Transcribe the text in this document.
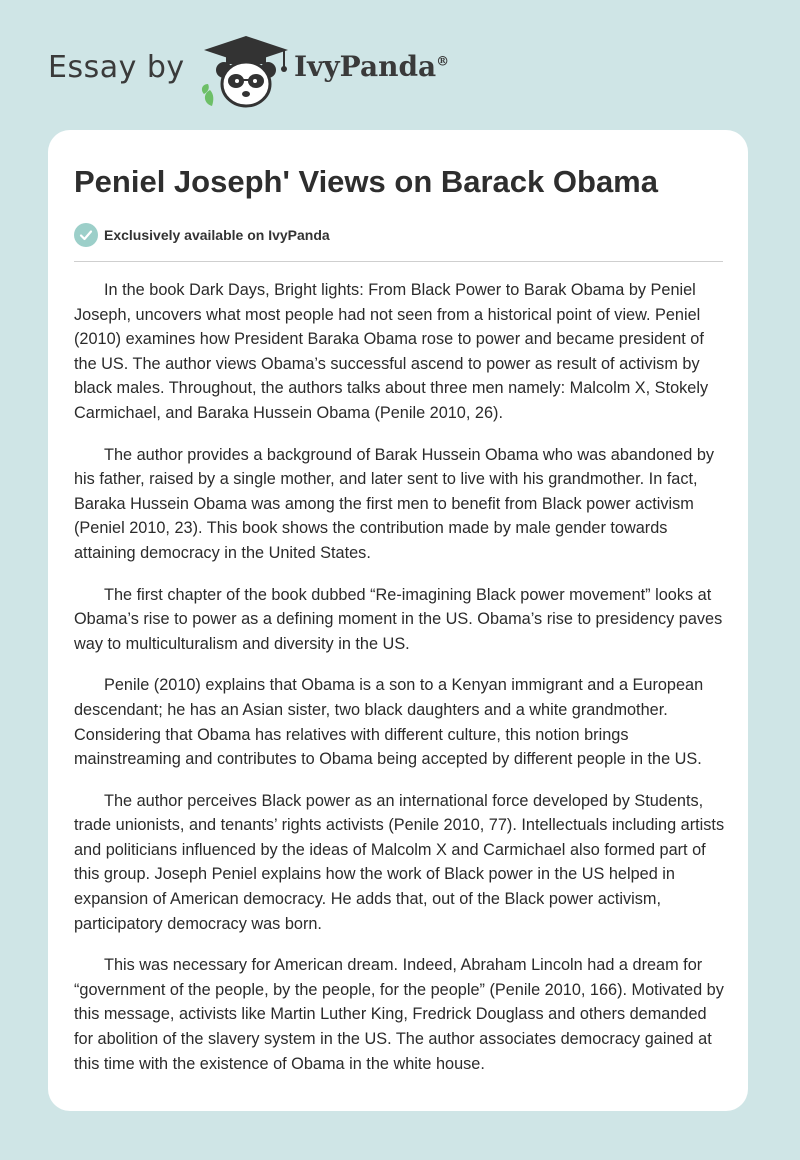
Essay by	IvyPanda®
Peniel Joseph' Views on Barack Obama
Exclusively available on IvyPanda

In the book Dark Days, Bright lights: From Black Power to Barak Obama by Peniel Joseph, uncovers what most people had not seen from a historical point of view. Peniel (2010) examines how President Baraka Obama rose to power and became president of the US. The author views Obama’s successful ascend to power as result of activism by black males. Throughout, the authors talks about three men namely: Malcolm X, Stokely Carmichael, and Baraka Hussein Obama (Penile 2010, 26).

The author provides a background of Barak Hussein Obama who was abandoned by his father, raised by a single mother, and later sent to live with his grandmother. In fact, Baraka Hussein Obama was among the first men to benefit from Black power activism (Peniel 2010, 23). This book shows the contribution made by male gender towards attaining democracy in the United States.

The first chapter of the book dubbed “Re-imagining Black power movement” looks at Obama’s rise to power as a defining moment in the US. Obama’s rise to presidency paves way to multiculturalism and diversity in the US.

Penile (2010) explains that Obama is a son to a Kenyan immigrant and a European descendant; he has an Asian sister, two black daughters and a white grandmother. Considering that Obama has relatives with different culture, this notion brings mainstreaming and contributes to Obama being accepted by different people in the US.

The author perceives Black power as an international force developed by Students, trade unionists, and tenants’ rights activists (Penile 2010, 77). Intellectuals including artists and politicians influenced by the ideas of Malcolm X and Carmichael also formed part of this group. Joseph Peniel explains how the work of Black power in the US helped in expansion of American democracy. He adds that, out of the Black power activism, participatory democracy was born.

This was necessary for American dream. Indeed, Abraham Lincoln had a dream for “government of the people, by the people, for the people” (Penile 2010, 166). Motivated by this message, activists like Martin Luther King, Fredrick Douglass and others demanded for abolition of the slavery system in the US. The author associates democracy gained at this time with the existence of Obama in the white house.
